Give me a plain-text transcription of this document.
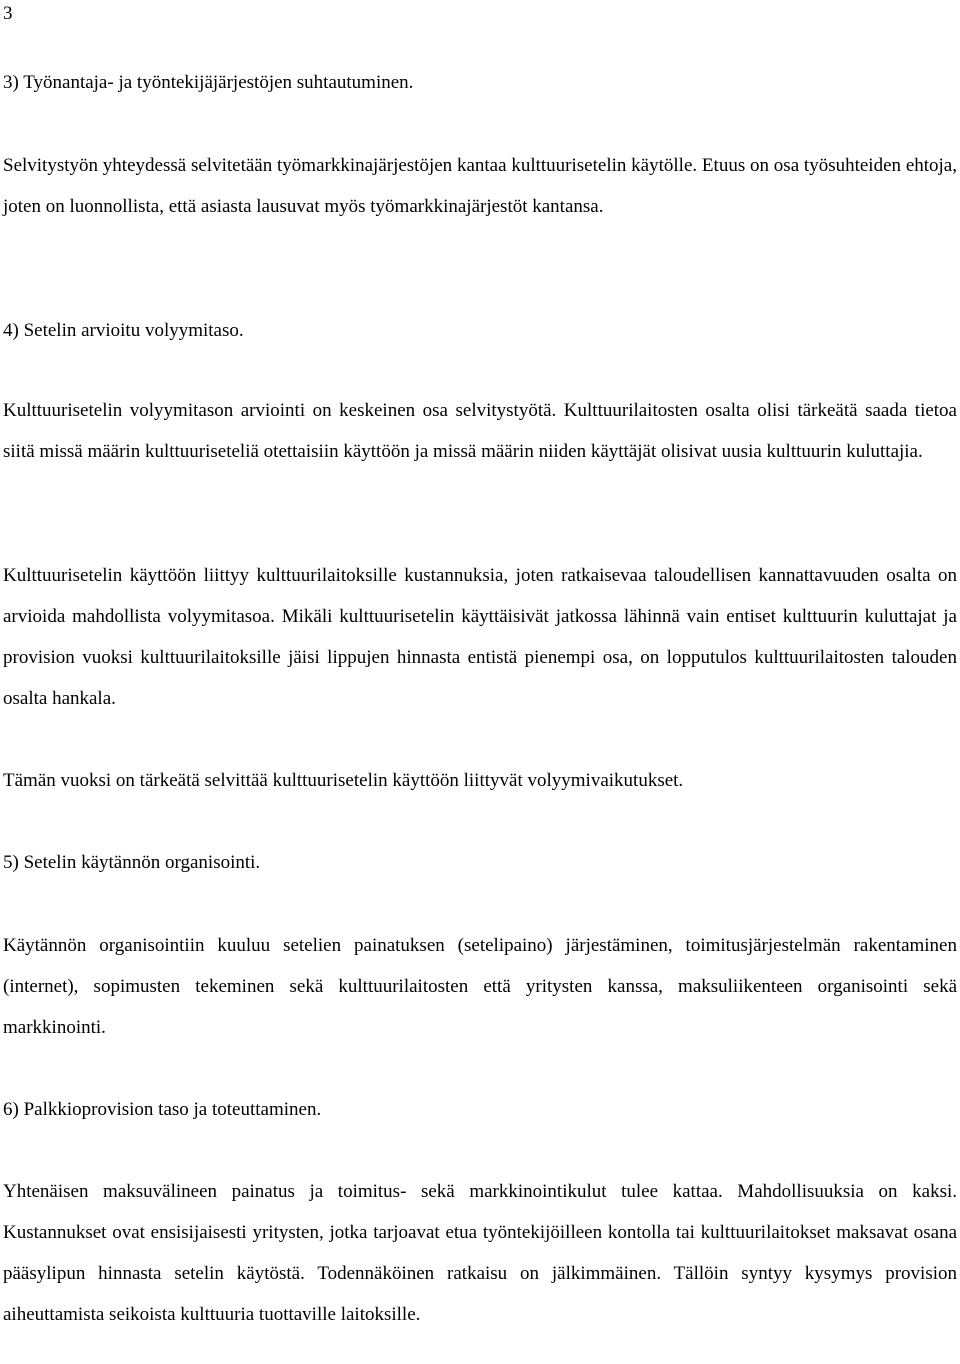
3

3) Työnantaja- ja työntekijäjärjestöjen suhtautuminen.

Selvitystyön yhteydessä selvitetään työmarkkinajärjestöjen kantaa kulttuurisetelin käytölle. Etuus on osa työsuhteiden ehtoja, joten on luonnollista, että asiasta lausuvat myös työmarkkinajärjestöt kantansa.

4) Setelin arvioitu volyymitaso.

Kulttuurisetelin volyymitason arviointi on keskeinen osa selvitystyötä. Kulttuurilaitosten osalta olisi tärkeätä saada tietoa siitä missä määrin kulttuuriseteliä otettaisiin käyttöön ja missä määrin niiden käyttäjät olisivat uusia kulttuurin kuluttajia.

Kulttuurisetelin käyttöön liittyy kulttuurilaitoksille kustannuksia, joten ratkaisevaa taloudellisen kannattavuuden osalta on arvioida mahdollista volyymitasoa. Mikäli kulttuurisetelin käyttäisivät jatkossa lähinnä vain entiset kulttuurin kuluttajat ja provision vuoksi kulttuurilaitoksille jäisi lippujen hinnasta entistä pienempi osa, on lopputulos kulttuurilaitosten talouden osalta hankala.

Tämän vuoksi on tärkeätä selvittää kulttuurisetelin käyttöön liittyvät volyymivaikutukset.

5) Setelin käytännön organisointi.

Käytännön organisointiin kuuluu setelien painatuksen (setelipaino) järjestäminen, toimitusjärjestelmän rakentaminen (internet), sopimusten tekeminen sekä kulttuurilaitosten että yritysten kanssa, maksuliikenteen organisointi sekä markkinointi.

6) Palkkioprovision taso ja toteuttaminen.

Yhtenäisen maksuvälineen painatus ja toimitus- sekä markkinointikulut tulee kattaa. Mahdollisuuksia on kaksi. Kustannukset ovat ensisijaisesti yritysten, jotka tarjoavat etua työntekijöilleen kontolla tai kulttuurilaitokset maksavat osana pääsylipun hinnasta setelin käytöstä. Todennäköinen ratkaisu on jälkimmäinen. Tällöin syntyy kysymys provision aiheuttamista seikoista kulttuuria tuottaville laitoksille.
